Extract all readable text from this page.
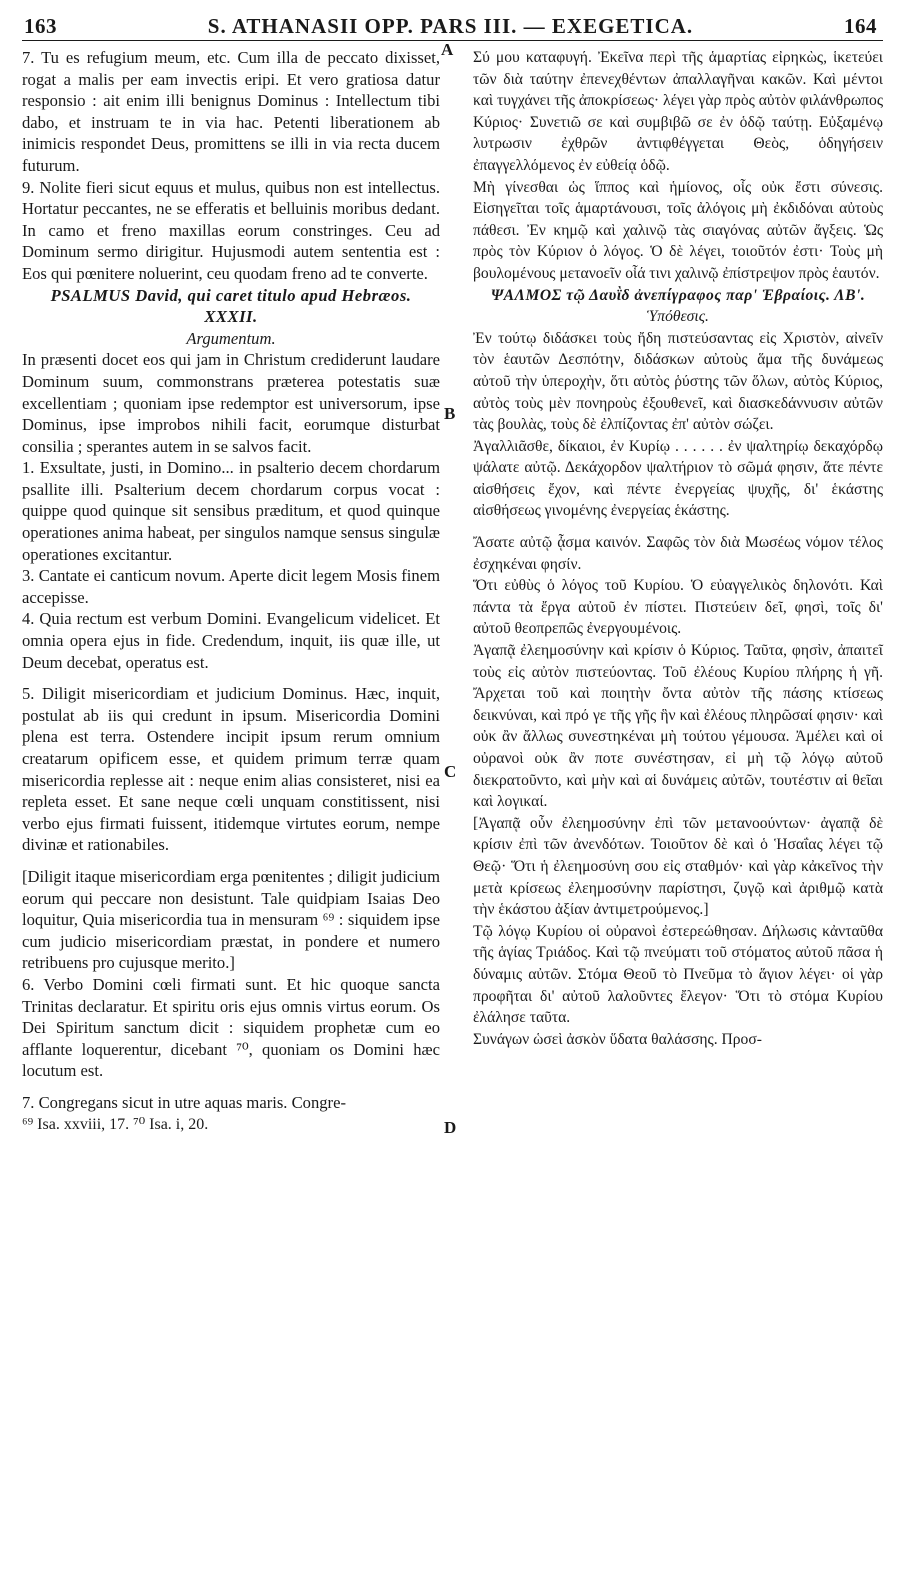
163	S. ATHANASII OPP. PARS III. — EXEGETICA.	164
A
B
C
D

7. Tu es refugium meum, etc. Cum illa de peccato dixisset, rogat a malis per eam invectis eripi. Et vero gratiosa datur responsio : ait enim illi benignus Dominus : Intellectum tibi dabo, et instruam te in via hac. Petenti liberationem ab inimicis respondet Deus, promittens se illi in via recta ducem futurum.

9. Nolite fieri sicut equus et mulus, quibus non est intellectus. Hortatur peccantes, ne se efferatis et belluinis moribus dedant. In camo et freno maxillas eorum constringes. Ceu ad Dominum sermo dirigitur. Hujusmodi autem sententia est : Eos qui pœnitere noluerint, ceu quodam freno ad te converte.

PSALMUS David, qui caret titulo apud Hebræos.

XXXII.

Argumentum.

In præsenti docet eos qui jam in Christum crediderunt laudare Dominum suum, commonstrans prætereа potestatis suæ excellentiam ; quoniam ipse redemptor est universorum, ipse Dominus, ipse improbos nihili facit, eorumque disturbat consilia ; sperantes autem in se salvos facit.

1. Exsultate, justi, in Domino... in psalterio decem chordarum psallite illi. Psalterium decem chordarum corpus vocat : quippe quod quinque sit sensibus præditum, et quod quinque operationes anima habeat, per singulos namque sensus singulæ operationes excitantur.

3. Cantate ei canticum novum. Aperte dicit legem Mosis finem accepisse.

4. Quia rectum est verbum Domini. Evangelicum videlicet. Et omnia opera ejus in fide. Credendum, inquit, iis quæ ille, ut Deum decebat, operatus est.

5. Diligit misericordiam et judicium Dominus. Hæc, inquit, postulat ab iis qui credunt in ipsum. Misericordia Domini plena est terra. Ostendere incipit ipsum rerum omnium creatarum opificem esse, et quidem primum terræ quam misericordia replesse ait : neque enim alias consisteret, nisi ea repleta esset. Et sane neque cœli unquam constitissent, nisi verbo ejus firmati fuissent, itidemque virtutes eorum, nempe divinæ et rationabiles.

[Diligit itaque misericordiam erga pœnitentes ; diligit judicium eorum qui peccare non desistunt. Tale quidpiam Isaias Deo loquitur, Quia misericordia tua in mensuram ⁶⁹ : siquidem ipse cum judicio misericordiam præstat, in pondere et numero retribuens pro cujusque merito.]

6. Verbo Domini cœli firmati sunt. Et hic quoque sancta Trinitas declaratur. Et spiritu oris ejus omnis virtus eorum. Os Dei Spiritum sanctum dicit : siquidem prophetæ cum eo afflante loquerentur, dicebant ⁷⁰, quoniam os Domini hæc locutum est.

7. Congregans sicut in utre aquas maris. Congre-

⁶⁹ Isa. xxviii, 17. ⁷⁰ Isa. i, 20.

Σύ μου καταφυγή. Ἐκεῖνα περὶ τῆς ἁμαρτίας εἰρηκὼς, ἱκετεύει τῶν διὰ ταύτην ἐπενεχθέντων ἀπαλλαγῆναι κακῶν. Καὶ μέντοι καὶ τυγχάνει τῆς ἀποκρίσεως· λέγει γὰρ πρὸς αὐτὸν φιλάνθρωπος Κύριος· Συνετιῶ σε καὶ συμβιβῶ σε ἐν ὁδῷ ταύτῃ. Εὐξαμένῳ λυτρωσιν ἐχθρῶν ἀντιφθέγγεται Θεὸς, ὁδηγήσειν ἐπαγγελλόμενος ἐν εὐθείᾳ ὁδῷ.

Μὴ γίνεσθαι ὡς ἵππος καὶ ἡμίονος, οἷς οὐκ ἔστι σύνεσις. Εἰσηγεῖται τοῖς ἁμαρτάνουσι, τοῖς ἀλόγοις μὴ ἐκδιδόναι αὐτοὺς πάθεσι. Ἐν κημῷ καὶ χαλινῷ τὰς σιαγόνας αὐτῶν ἄγξεις. Ὡς πρὸς τὸν Κύριον ὁ λόγος. Ὁ δὲ λέγει, τοιοῦτόν ἐστι· Τοὺς μὴ βουλομένους μετανοεῖν οἷά τινι χαλινῷ ἐπίστρεψον πρὸς ἑαυτόν.

ΨΑΛΜΟΣ τῷ Δαυῒδ ἀνεπίγραφος παρ' Ἑβραίοις. ΛΒ'.

Ὑπόθεσις.

Ἐν τούτῳ διδάσκει τοὺς ἤδη πιστεύσαντας εἰς Χριστὸν, αἰνεῖν τὸν ἑαυτῶν Δεσπότην, διδάσκων αὐτοὺς ἅμα τῆς δυνάμεως αὐτοῦ τὴν ὑπεροχὴν, ὅτι αὐτὸς ῥύστης τῶν ὅλων, αὐτὸς Κύριος, αὐτὸς τοὺς μὲν πονηροὺς ἐξουθενεῖ, καὶ διασκεδάννυσιν αὐτῶν τὰς βουλὰς, τοὺς δὲ ἐλπίζοντας ἐπ' αὐτὸν σώζει.

Ἀγαλλιᾶσθε, δίκαιοι, ἐν Κυρίῳ . . . . . . ἐν ψαλτηρίῳ δεκαχόρδῳ ψάλατε αὐτῷ. Δεκάχορδον ψαλτήριον τὸ σῶμά φησιν, ἅτε πέντε αἰσθήσεις ἔχον, καὶ πέντε ἐνεργείας ψυχῆς, δι' ἑκάστης αἰσθήσεως γινομένης ἐνεργείας ἑκάστης.

Ἄσατε αὐτῷ ᾆσμα καινόν. Σαφῶς τὸν διὰ Μωσέως νόμον τέλος ἐσχηκέναι φησίν.

Ὅτι εὐθὺς ὁ λόγος τοῦ Κυρίου. Ὁ εὐαγγελικὸς δηλονότι. Καὶ πάντα τὰ ἔργα αὐτοῦ ἐν πίστει. Πιστεύειν δεῖ, φησὶ, τοῖς δι' αὐτοῦ θεοπρεπῶς ἐνεργουμένοις.

Ἀγαπᾷ ἐλεημοσύνην καὶ κρίσιν ὁ Κύριος. Ταῦτα, φησὶν, ἀπαιτεῖ τοὺς εἰς αὐτὸν πιστεύοντας. Τοῦ ἐλέους Κυρίου πλήρης ἡ γῆ. Ἄρχεται τοῦ καὶ ποιητὴν ὄντα αὐτὸν τῆς πάσης κτίσεως δεικνύναι, καὶ πρό γε τῆς γῆς ἣν καὶ ἐλέους πληρῶσαί φησιν· καὶ οὐκ ἂν ἄλλως συνεστηκέναι μὴ τούτου γέμουσα. Ἀμέλει καὶ οἱ οὐρανοὶ οὐκ ἂν ποτε συνέστησαν, εἰ μὴ τῷ λόγῳ αὐτοῦ διεκρατοῦντο, καὶ μὴν καὶ αἱ δυνάμεις αὐτῶν, τουτέστιν αἱ θεῖαι καὶ λογικαί.

[Ἀγαπᾷ οὖν ἐλεημοσύνην ἐπὶ τῶν μετανοούντων· ἀγαπᾷ δὲ κρίσιν ἐπὶ τῶν ἀνενδότων. Τοιοῦτον δὲ καὶ ὁ Ἡσαΐας λέγει τῷ Θεῷ· Ὅτι ἡ ἐλεημοσύνη σου εἰς σταθμόν· καὶ γὰρ κἀκεῖνος τὴν μετὰ κρίσεως ἐλεημοσύνην παρίστησι, ζυγῷ καὶ ἀριθμῷ κατὰ τὴν ἑκάστου ἀξίαν ἀντιμετρούμενος.]

Τῷ λόγῳ Κυρίου οἱ οὐρανοὶ ἐστερεώθησαν. Δήλωσις κἀνταῦθα τῆς ἁγίας Τριάδος. Καὶ τῷ πνεύματι τοῦ στόματος αὐτοῦ πᾶσα ἡ δύναμις αὐτῶν. Στόμα Θεοῦ τὸ Πνεῦμα τὸ ἅγιον λέγει· οἱ γὰρ προφῆται δι' αὐτοῦ λαλοῦντες ἔλεγον· Ὅτι τὸ στόμα Κυρίου ἐλάλησε ταῦτα.

Συνάγων ὡσεὶ ἀσκὸν ὕδατα θαλάσσης. Προσ-
